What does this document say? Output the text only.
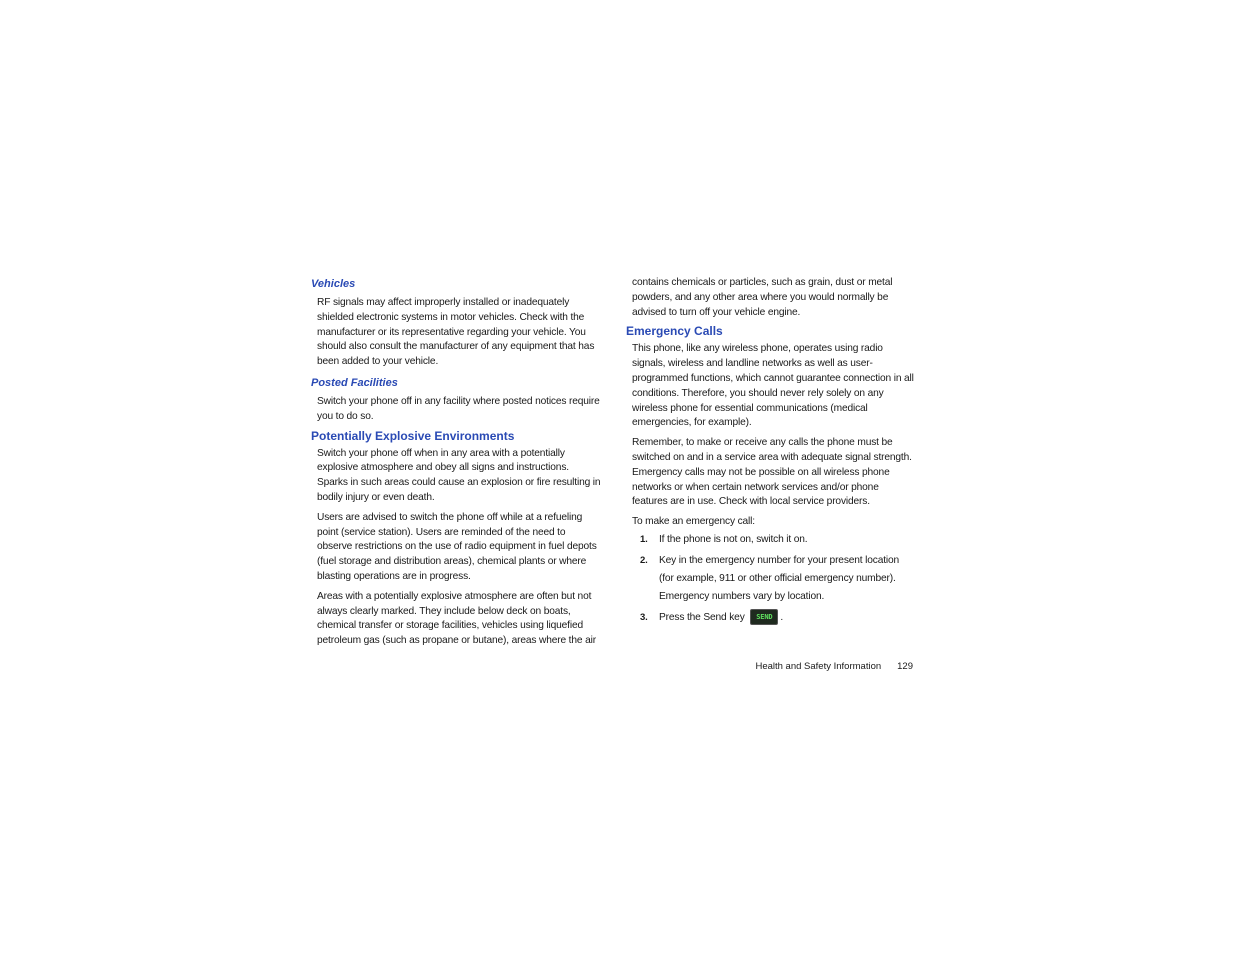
Vehicles

RF signals may affect improperly installed or inadequately shielded electronic systems in motor vehicles. Check with the manufacturer or its representative regarding your vehicle. You should also consult the manufacturer of any equipment that has been added to your vehicle.

Posted Facilities

Switch your phone off in any facility where posted notices require you to do so.

Potentially Explosive Environments

Switch your phone off when in any area with a potentially explosive atmosphere and obey all signs and instructions. Sparks in such areas could cause an explosion or fire resulting in bodily injury or even death.

Users are advised to switch the phone off while at a refueling point (service station). Users are reminded of the need to observe restrictions on the use of radio equipment in fuel depots (fuel storage and distribution areas), chemical plants or where blasting operations are in progress.

Areas with a potentially explosive atmosphere are often but not always clearly marked. They include below deck on boats, chemical transfer or storage facilities, vehicles using liquefied petroleum gas (such as propane or butane), areas where the air

contains chemicals or particles, such as grain, dust or metal powders, and any other area where you would normally be advised to turn off your vehicle engine.

Emergency Calls

This phone, like any wireless phone, operates using radio signals, wireless and landline networks as well as user-programmed functions, which cannot guarantee connection in all conditions. Therefore, you should never rely solely on any wireless phone for essential communications (medical emergencies, for example).

Remember, to make or receive any calls the phone must be switched on and in a service area with adequate signal strength. Emergency calls may not be possible on all wireless phone networks or when certain network services and/or phone features are in use. Check with local service providers.

To make an emergency call:

1. If the phone is not on, switch it on.
2. Key in the emergency number for your present location (for example, 911 or other official emergency number). Emergency numbers vary by location.
3. Press the Send key SEND .
Health and Safety Information 129
